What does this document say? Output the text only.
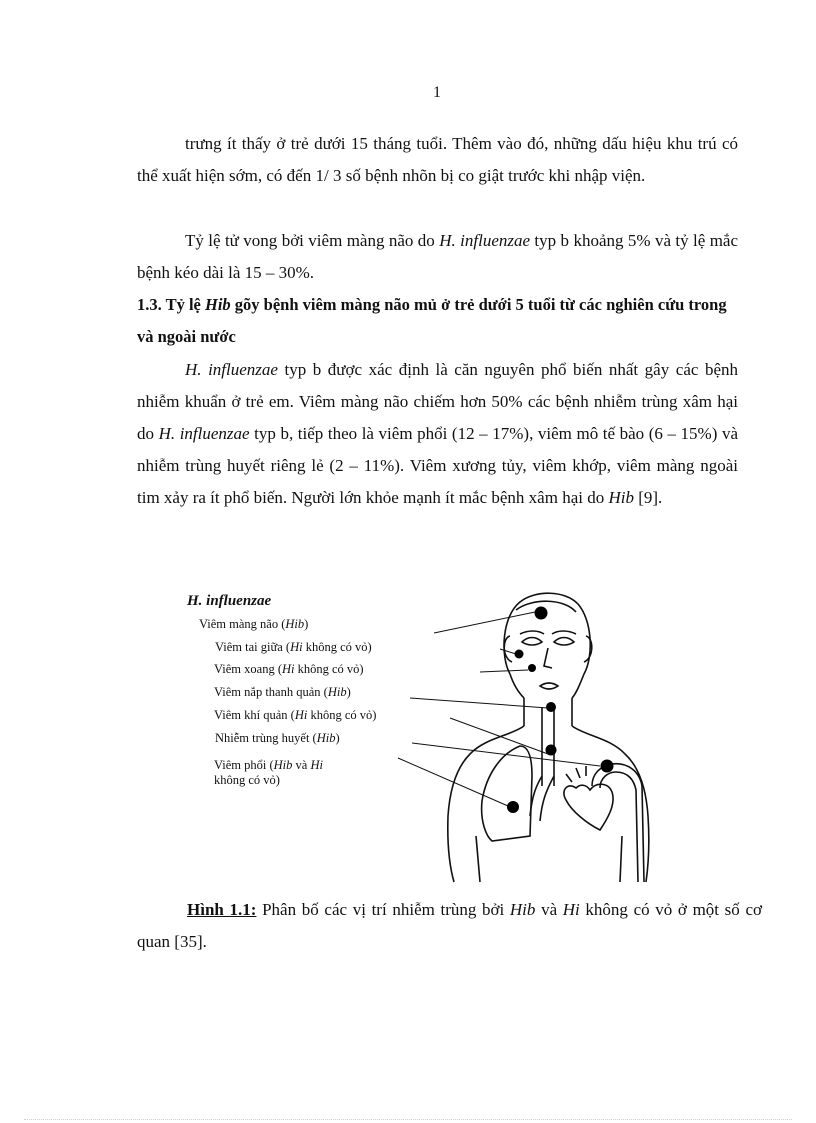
1
trưng ít thấy ở trẻ dưới 15 tháng tuổi. Thêm vào đó, những dấu hiệu khu trú có thể xuất hiện sớm, có đến 1/ 3 số bệnh nhõn bị co giật trước khi nhập viện.
Tỷ lệ tử vong bởi viêm màng não do H. influenzae typ b khoảng 5% và tỷ lệ mắc bệnh kéo dài là 15 – 30%.
1.3. Tỷ lệ Hib gõy bệnh viêm màng não mủ ở trẻ dưới 5 tuổi từ các nghiên cứu trong và ngoài nước
H. influenzae typ b được xác định là căn nguyên phổ biến nhất gây các bệnh nhiễm khuẩn ở trẻ em. Viêm màng não chiếm hơn 50% các bệnh nhiễm trùng xâm hại do H. influenzae typ b, tiếp theo là viêm phổi (12 – 17%), viêm mô tế bào (6 – 15%) và nhiễm trùng huyết riêng lẻ (2 – 11%). Viêm xương tủy, viêm khớp, viêm màng ngoài tim xảy ra ít phổ biến. Người lớn khỏe mạnh ít mắc bệnh xâm hại do Hib [9].
H. influenzae
Viêm màng não (Hib)
Viêm tai giữa (Hi không có vỏ)
Viêm xoang (Hi không có vỏ)
Viêm nắp thanh quản (Hib)
Viêm khí quản (Hi không có vỏ)
Nhiễm trùng huyết (Hib)
Viêm phổi (Hib và Hi
không có vỏ)
Hình 1.1: Phân bố các vị trí nhiễm trùng bởi Hib và Hi không có vỏ ở một số cơ quan [35].
